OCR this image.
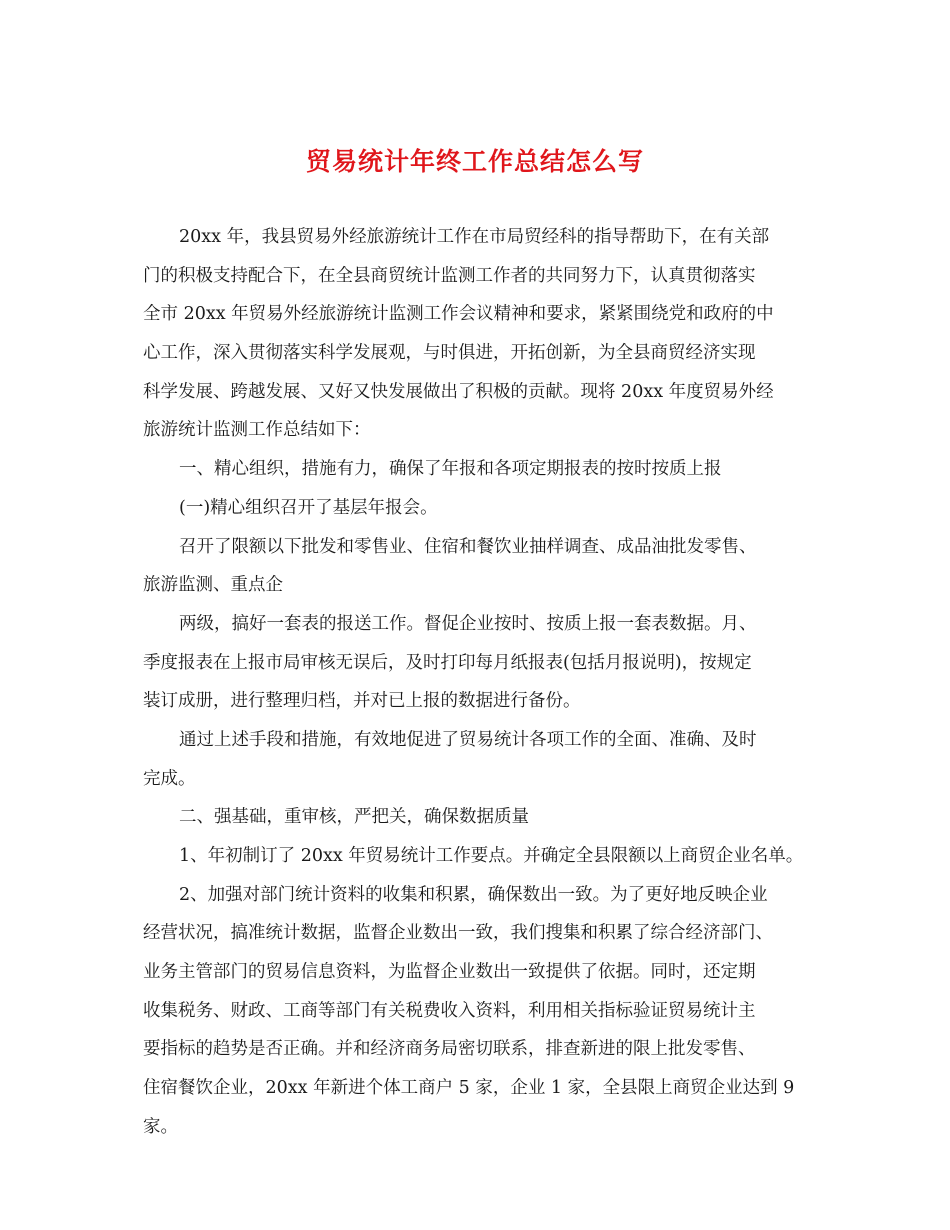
贸易统计年终工作总结怎么写
20xx 年，我县贸易外经旅游统计工作在市局贸经科的指导帮助下，在有关部
门的积极支持配合下，在全县商贸统计监测工作者的共同努力下，认真贯彻落实
全市 20xx 年贸易外经旅游统计监测工作会议精神和要求，紧紧围绕党和政府的中
心工作，深入贯彻落实科学发展观，与时俱进，开拓创新，为全县商贸经济实现
科学发展、跨越发展、又好又快发展做出了积极的贡献。现将 20xx 年度贸易外经
旅游统计监测工作总结如下：
一、精心组织，措施有力，确保了年报和各项定期报表的按时按质上报
(一)精心组织召开了基层年报会。
召开了限额以下批发和零售业、住宿和餐饮业抽样调查、成品油批发零售、
旅游监测、重点企
两级，搞好一套表的报送工作。督促企业按时、按质上报一套表数据。月、
季度报表在上报市局审核无误后，及时打印每月纸报表(包括月报说明)，按规定
装订成册，进行整理归档，并对已上报的数据进行备份。
通过上述手段和措施，有效地促进了贸易统计各项工作的全面、准确、及时
完成。
二、强基础，重审核，严把关，确保数据质量
1、年初制订了 20xx 年贸易统计工作要点。并确定全县限额以上商贸企业名单。
2、加强对部门统计资料的收集和积累，确保数出一致。为了更好地反映企业
经营状况，搞准统计数据，监督企业数出一致，我们搜集和积累了综合经济部门、
业务主管部门的贸易信息资料，为监督企业数出一致提供了依据。同时，还定期
收集税务、财政、工商等部门有关税费收入资料，利用相关指标验证贸易统计主
要指标的趋势是否正确。并和经济商务局密切联系，排查新进的限上批发零售、
住宿餐饮企业，20xx 年新进个体工商户 5 家，企业 1 家，全县限上商贸企业达到 9
家。
